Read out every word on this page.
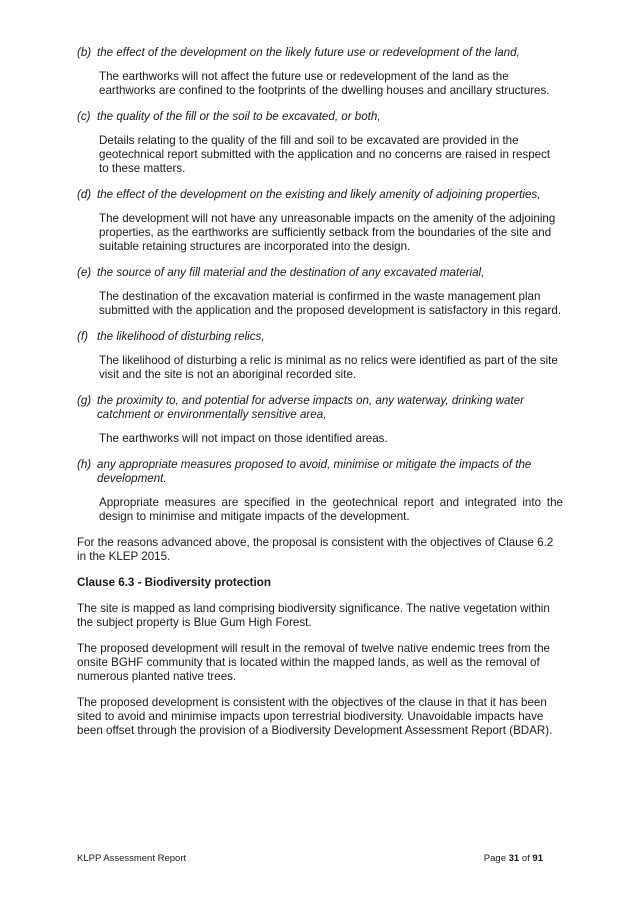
(b) the effect of the development on the likely future use or redevelopment of the land,
The earthworks will not affect the future use or redevelopment of the land as the earthworks are confined to the footprints of the dwelling houses and ancillary structures.
(c) the quality of the fill or the soil to be excavated, or both,
Details relating to the quality of the fill and soil to be excavated are provided in the geotechnical report submitted with the application and no concerns are raised in respect to these matters.
(d) the effect of the development on the existing and likely amenity of adjoining properties,
The development will not have any unreasonable impacts on the amenity of the adjoining properties, as the earthworks are sufficiently setback from the boundaries of the site and suitable retaining structures are incorporated into the design.
(e) the source of any fill material and the destination of any excavated material,
The destination of the excavation material is confirmed in the waste management plan submitted with the application and the proposed development is satisfactory in this regard.
(f) the likelihood of disturbing relics,
The likelihood of disturbing a relic is minimal as no relics were identified as part of the site visit and the site is not an aboriginal recorded site.
(g) the proximity to, and potential for adverse impacts on, any waterway, drinking water catchment or environmentally sensitive area,
The earthworks will not impact on those identified areas.
(h) any appropriate measures proposed to avoid, minimise or mitigate the impacts of the development.
Appropriate measures are specified in the geotechnical report and integrated into the design to minimise and mitigate impacts of the development.

For the reasons advanced above, the proposal is consistent with the objectives of Clause 6.2 in the KLEP 2015.

Clause 6.3 - Biodiversity protection

The site is mapped as land comprising biodiversity significance. The native vegetation within the subject property is Blue Gum High Forest.

The proposed development will result in the removal of twelve native endemic trees from the onsite BGHF community that is located within the mapped lands, as well as the removal of numerous planted native trees.

The proposed development is consistent with the objectives of the clause in that it has been sited to avoid and minimise impacts upon terrestrial biodiversity. Unavoidable impacts have been offset through the provision of a Biodiversity Development Assessment Report (BDAR).

KLPP Assessment Report	Page 31 of 91
